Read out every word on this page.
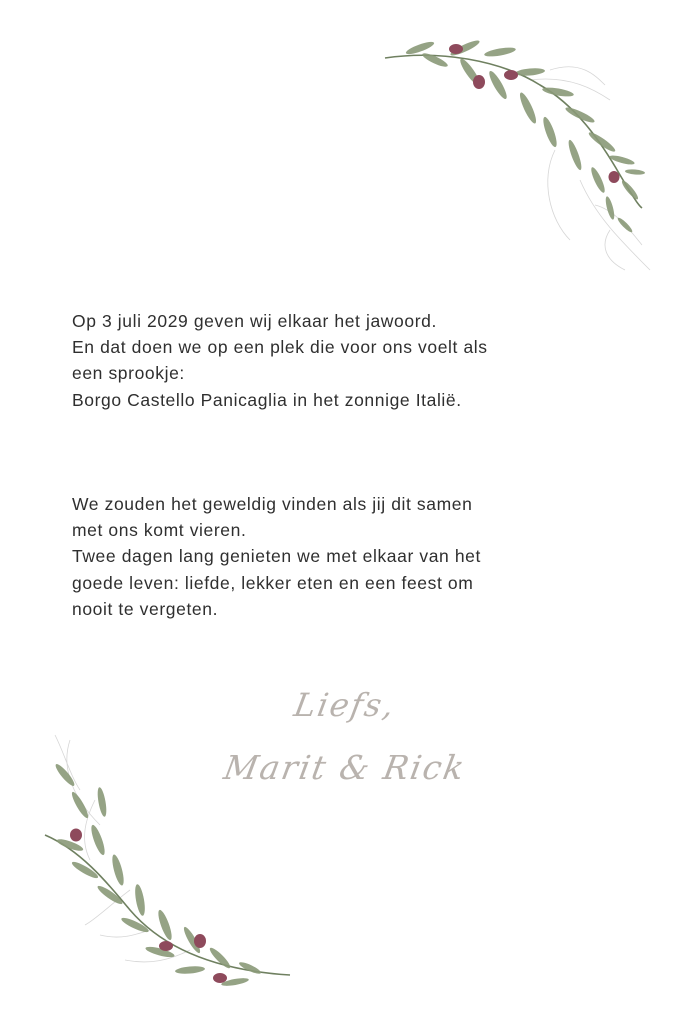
Op 3 juli 2029 geven wij elkaar het jawoord.

En dat doen we op een plek die voor ons voelt als

een sprookje:

Borgo Castello Panicaglia in het zonnige Italië.

We zouden het geweldig vinden als jij dit samen

met ons komt vieren.

Twee dagen lang genieten we met elkaar van het

goede leven: liefde, lekker eten en een feest om

nooit te vergeten.

Liefs,
Marit & Rick
